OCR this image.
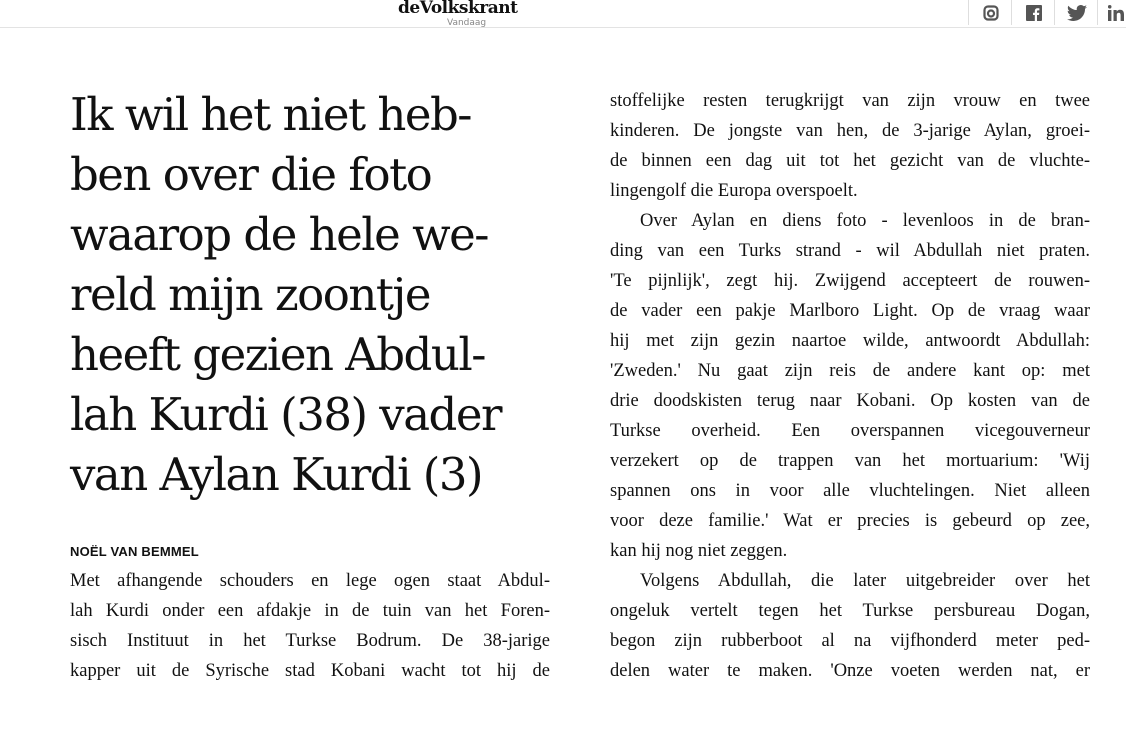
deVolkskrant
Vandaag
Ik wil het niet heb-
ben over die foto
waarop de hele we-
reld mijn zoontje
heeft gezien Abdul-
lah Kurdi (38) vader
van Aylan Kurdi (3)
NOËL VAN BEMMEL
Met afhangende schouders en lege ogen staat Abdul-
lah Kurdi onder een afdakje in de tuin van het Foren-
sisch Instituut in het Turkse Bodrum. De 38-jarige
kapper uit de Syrische stad Kobani wacht tot hij de
stoffelijke resten terugkrijgt van zijn vrouw en twee
kinderen. De jongste van hen, de 3-jarige Aylan, groei-
de binnen een dag uit tot het gezicht van de vluchte-
lingengolf die Europa overspoelt.
Over Aylan en diens foto - levenloos in de bran-
ding van een Turks strand - wil Abdullah niet praten.
'Te pijnlijk', zegt hij. Zwijgend accepteert de rouwen-
de vader een pakje Marlboro Light. Op de vraag waar
hij met zijn gezin naartoe wilde, antwoordt Abdullah:
'Zweden.' Nu gaat zijn reis de andere kant op: met
drie doodskisten terug naar Kobani. Op kosten van de
Turkse overheid. Een overspannen vicegouverneur
verzekert op de trappen van het mortuarium: 'Wij
spannen ons in voor alle vluchtelingen. Niet alleen
voor deze familie.' Wat er precies is gebeurd op zee,
kan hij nog niet zeggen.
Volgens Abdullah, die later uitgebreider over het
ongeluk vertelt tegen het Turkse persbureau Dogan,
begon zijn rubberboot al na vijfhonderd meter ped-
delen water te maken. 'Onze voeten werden nat, er
